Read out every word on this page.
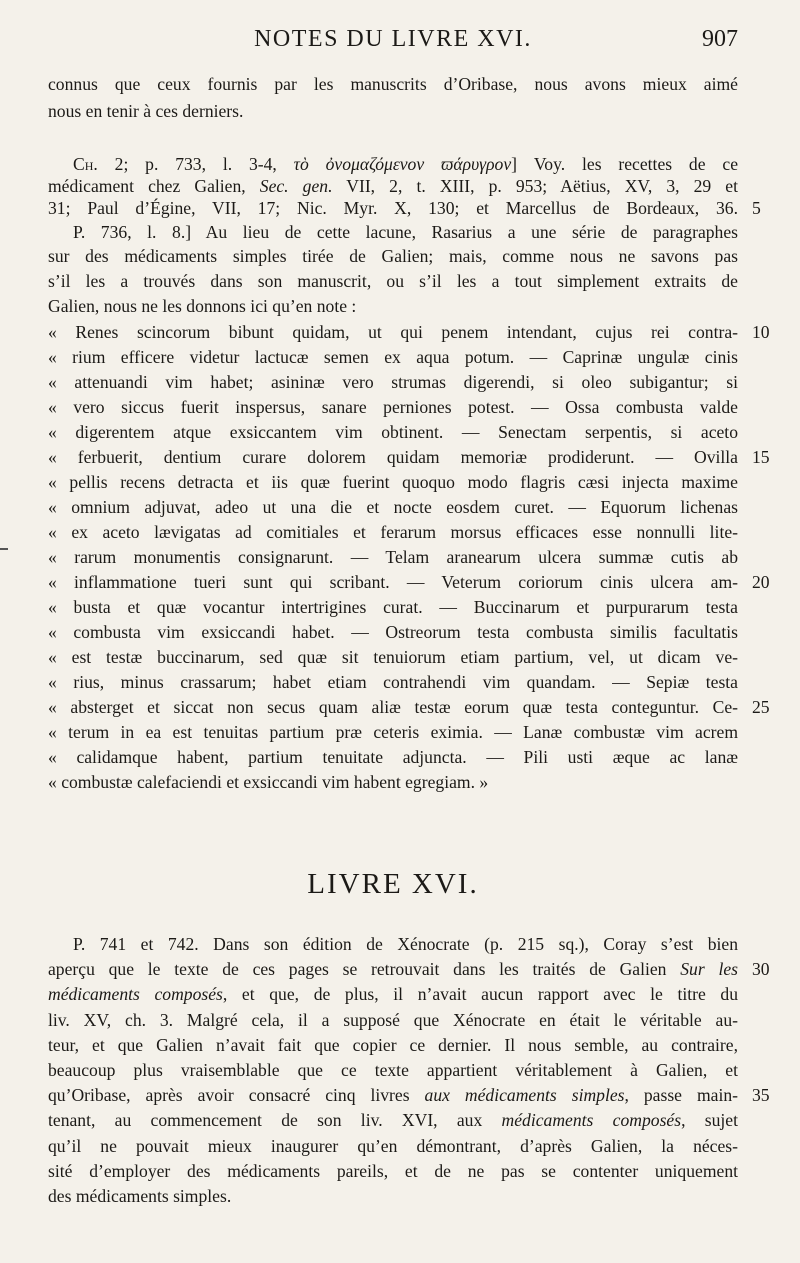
NOTES DU LIVRE XVI.	907
connus que ceux fournis par les manuscrits d’Oribase, nous avons mieux aimé
nous en tenir à ces derniers.
Ch. 2; p. 733, l. 3-4, τὸ ὀνομαζόμενον ϖάρυγρον] Voy. les recettes de ce
médicament chez Galien, Sec. gen. VII, 2, t. XIII, p. 953; Aëtius, XV, 3, 29 et
31; Paul d’Égine, VII, 17; Nic. Myr. X, 130; et Marcellus de Bordeaux, 36. 5
P. 736, l. 8.] Au lieu de cette lacune, Rasarius a une série de paragraphes
sur des médicaments simples tirée de Galien; mais, comme nous ne savons pas
s’il les a trouvés dans son manuscrit, ou s’il les a tout simplement extraits de
Galien, nous ne les donnons ici qu’en note :
« Renes scincorum bibunt quidam, ut qui penem intendant, cujus rei contra-
« rium efficere videtur lactucæ semen ex aqua potum. — Caprinæ ungulæ cinis
« attenuandi vim habet; asininæ vero strumas digerendi, si oleo subigantur; si
« vero siccus fuerit inspersus, sanare perniones potest. — Ossa combusta valde
« digerentem atque exsiccantem vim obtinent. — Senectam serpentis, si aceto
« ferbuerit, dentium curare dolorem quidam memoriæ prodiderunt. — Ovilla
« pellis recens detracta et iis quæ fuerint quoquo modo flagris cæsi injecta maxime
« omnium adjuvat, adeo ut una die et nocte eosdem curet. — Equorum lichenas
« ex aceto lævigatas ad comitiales et ferarum morsus efficaces esse nonnulli lite-
« rarum monumentis consignarunt. — Telam aranearum ulcera summæ cutis ab
« inflammatione tueri sunt qui scribant. — Veterum coriorum cinis ulcera am-
« busta et quæ vocantur intertrigines curat. — Buccinarum et purpurarum testa
« combusta vim exsiccandi habet. — Ostreorum testa combusta similis facultatis
« est testæ buccinarum, sed quæ sit tenuiorum etiam partium, vel, ut dicam ve-
« rius, minus crassarum; habet etiam contrahendi vim quandam. — Sepiæ testa
« absterget et siccat non secus quam aliæ testæ eorum quæ testa conteguntur. Ce-
« terum in ea est tenuitas partium præ ceteris eximia. — Lanæ combustæ vim acrem
« calidamque habent, partium tenuitate adjuncta. — Pili usti æque ac lanæ
« combustæ calefaciendi et exsiccandi vim habent egregiam. »
10
15
20
25
LIVRE XVI.
P. 741 et 742. Dans son édition de Xénocrate (p. 215 sq.), Coray s’est bien
aperçu que le texte de ces pages se retrouvait dans les traités de Galien Sur les
médicaments composés, et que, de plus, il n’avait aucun rapport avec le titre du
liv. XV, ch. 3. Malgré cela, il a supposé que Xénocrate en était le véritable au-
teur, et que Galien n’avait fait que copier ce dernier. Il nous semble, au contraire,
beaucoup plus vraisemblable que ce texte appartient véritablement à Galien, et
qu’Oribase, après avoir consacré cinq livres aux médicaments simples, passe main-
tenant, au commencement de son liv. XVI, aux médicaments composés, sujet
qu’il ne pouvait mieux inaugurer qu’en démontrant, d’après Galien, la néces-
sité d’employer des médicaments pareils, et de ne pas se contenter uniquement
des médicaments simples.
30
35
